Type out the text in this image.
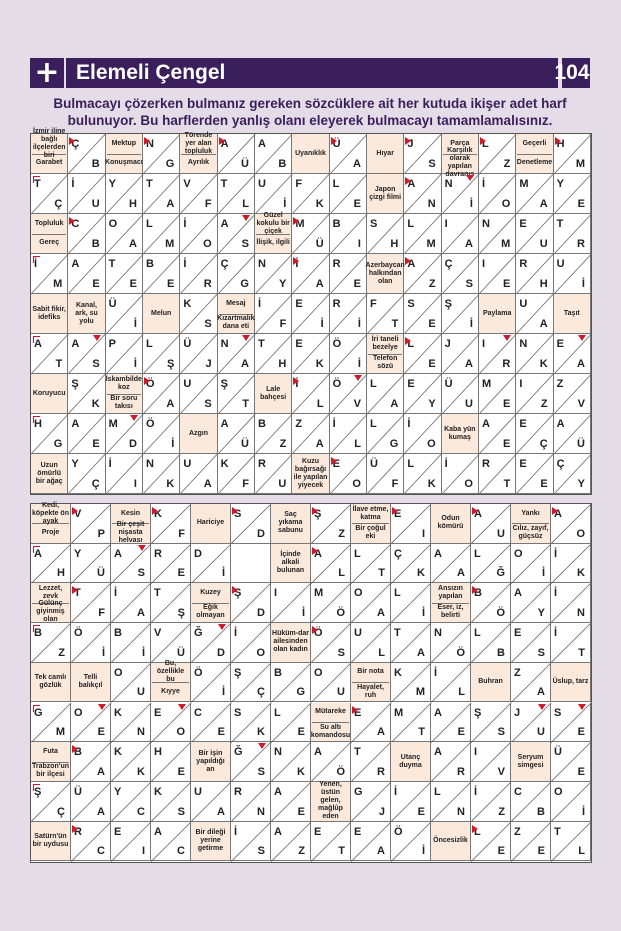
+ Elemeli Çengel	104
Bulmacayı çözerken bulmanız gereken sözcüklere ait her kutuda ikişer adet harf bulunuyor. Bu harflerden yanlış olanı eleyerek bulmacayı tamamlamalısınız.
İzmir iline bağlı ilçelerden biri
Garabet
Ç
B
Mektup
Konuşmacı
N
G
Törende yer alan topluluk
Ayrılık
A
Ü
A
B
Uyanıklık
Ü
A
Hıyar
J
S
Parça
Karşılık olarak yapılan davranış
L
Z
Geçerli
Denetleme
H
M
T
Ç
İ
U
Y
H
T
A
V
F
T
L
U
İ
F
K
L
E
Japon çizgi filmi
A
N
N
İ
İ
O
M
A
Y
E
Topluluk
Gereç
C
B
O
A
L
M
İ
O
A
S
Güzel kokulu bir çiçek
İlişik, ilgili
M
Ü
B
I
S
H
L
M
I
A
N
M
E
U
T
R
İ
M
A
E
T
E
B
E
İ
R
Ç
G
N
Y
İ
A
R
E
Azerbaycan halkından olan
A
Z
Ç
S
I
E
R
H
U
İ
Sabit fikir, idefiks
Kanal, ark, su yolu
Ü
İ
Melun
K
S
Mesaj
Kızartmalık dana eti
İ
F
E
İ
R
İ
F
T
S
E
Ş
İ
Paylama
U
A
Taşıt
A
T
A
S
P
İ
L
Ş
Ü
J
N
A
T
H
E
K
Ö
İ
İri taneli bezelye
Telefon sözü
L
E
J
A
I
R
N
K
E
A
Koruyucu
Ş
K
İskambilde koz
Bir soru takısı
Ö
A
U
S
Ş
T
Lale bahçesi
İ
L
Ö
V
L
A
E
Y
Ü
U
M
E
I
Z
Z
V
H
G
A
E
M
D
Ö
İ
Azgın
A
Ü
B
Z
Z
A
İ
L
L
G
İ
O
Kaba yün kumaş
A
E
E
Ç
A
Ü
Uzun ömürlü bir ağaç
Y
Ç
İ
I
N
K
U
A
K
F
R
U
Kuzu bağırsağı ile yapılan yiyecek
E
O
Ü
F
L
K
İ
O
R
T
E
E
Ç
Y
Kedi, köpekte ön ayak
Proje
V
P
Kesin
Bir çeşit nişasta helvası
K
F
Hariciye
S
D
Saç yıkama sabunu
Ş
Z
İlave etme, katma
Bir çoğul eki
E
I
Odun kömürü
A
U
Yankı
Cılız, zayıf, güçsüz
A
O
A
H
Y
Ü
A
S
R
E
D
İ
İçinde alkali bulunan
A
L
L
T
Ç
K
A
A
L
Ğ
O
İ
İ
K
Lezzet, zevk
Gülünç giyinmiş olan
T
F
İ
A
T
Ş
Kuzey
Eğik olmayan
Ş
D
I
İ
M
Ö
O
A
L
İ
Ansızın yapılan
Eser, iz, belirti
B
Ö
A
Y
İ
N
B
Z
Ö
İ
B
İ
V
Ü
Ğ
D
İ
O
Hüküm-dar ailesinden olan kadın
Ö
S
U
L
T
A
N
Ö
L
B
E
S
İ
T
Tek camlı gözlük
Telli balıkçıl
O
U
Bu, özellikle bu
Kıyye
Ö
İ
Ş
Ç
B
G
O
U
Bir nota
Hayalet, ruh
K
M
İ
L
Buhran
Z
A
Üslup, tarz
G
M
O
E
K
N
E
O
C
E
S
K
L
E
Mütareke
Su altı komandosu
E
A
M
T
A
E
Ş
S
J
U
S
E
Futa
Trabzon'un bir ilçesi
B
A
K
K
H
E
Bir işin yapıldığı an
Ğ
S
N
K
A
Ö
T
R
Utanç duyma
A
R
I
V
Seryum simgesi
Ü
E
Ş
Ç
Ü
A
Y
C
K
S
U
A
R
N
A
E
Yenen, üstün gelen, mağlûp eden
G
J
İ
E
L
N
İ
Z
C
B
O
İ
Satürn'ün bir uydusu
R
C
E
I
A
C
Bir dileği yerine getirme
İ
S
A
Z
E
T
E
A
Ö
İ
Öncesizlik
L
E
Z
E
T
L
